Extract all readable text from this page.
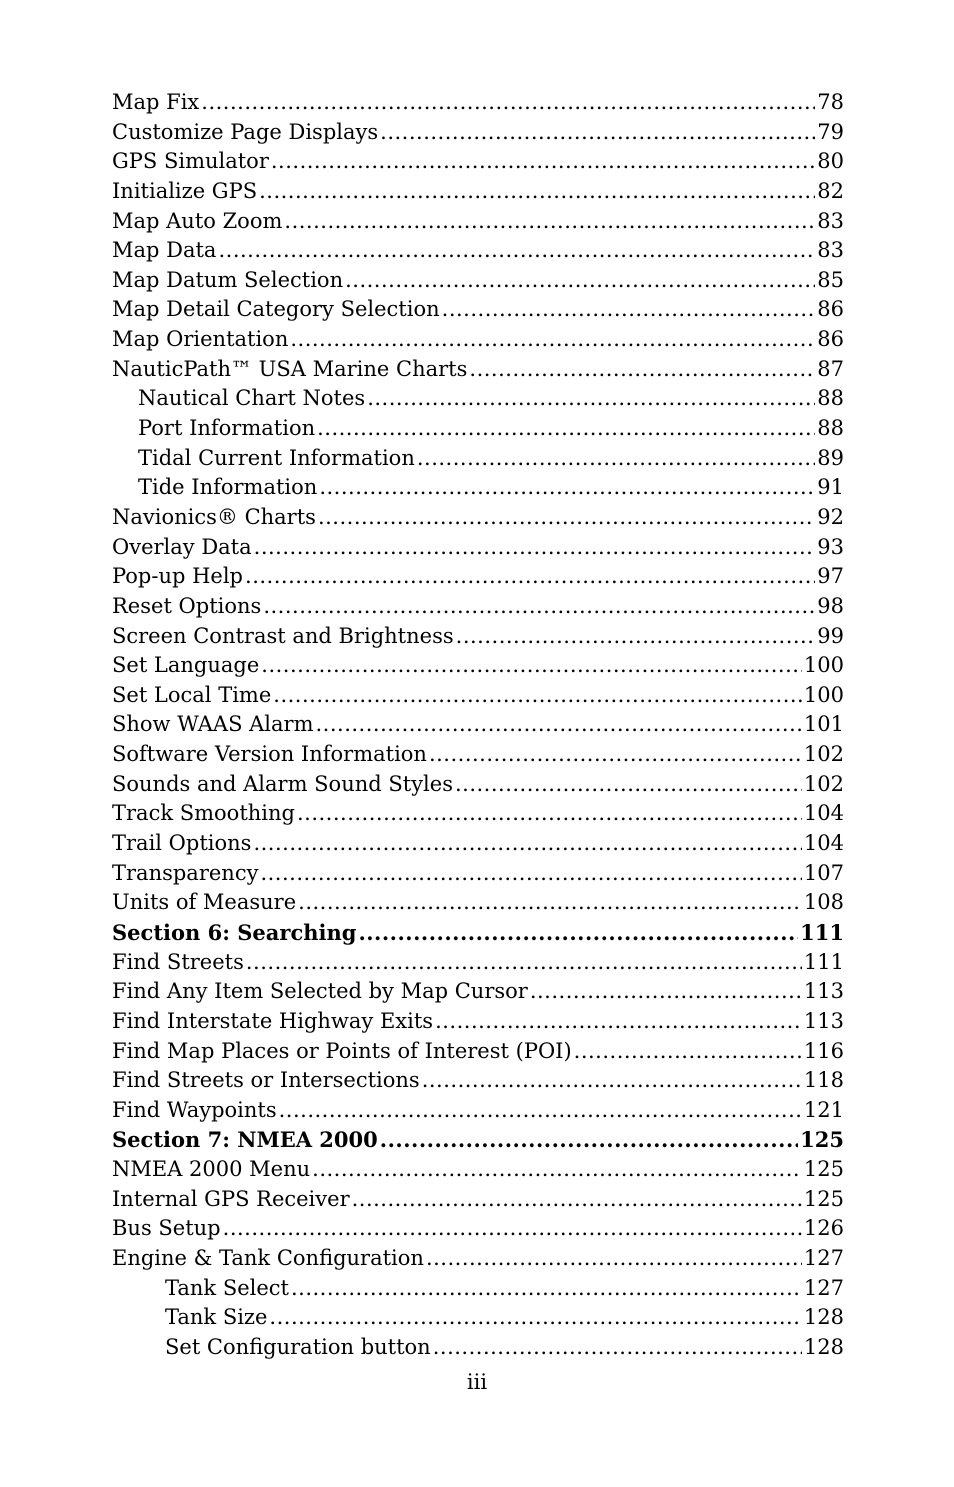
Map Fix .....	78
Customize Page Displays .....	79
GPS Simulator .....	80
Initialize GPS .....	82
Map Auto Zoom .....	83
Map Data .....	83
Map Datum Selection .....	85
Map Detail Category Selection .....	86
Map Orientation .....	86
NauticPath™ USA Marine Charts .....	87
Nautical Chart Notes .....	88
Port Information .....	88
Tidal Current Information .....	89
Tide Information .....	91
Navionics® Charts .....	92
Overlay Data .....	93
Pop-up Help .....	97
Reset Options .....	98
Screen Contrast and Brightness .....	99
Set Language .....	100
Set Local Time .....	100
Show WAAS Alarm .....	101
Software Version Information .....	102
Sounds and Alarm Sound Styles .....	102
Track Smoothing .....	104
Trail Options .....	104
Transparency .....	107
Units of Measure .....	108
Section 6: Searching .....	111
Find Streets .....	111
Find Any Item Selected by Map Cursor .....	113
Find Interstate Highway Exits .....	113
Find Map Places or Points of Interest (POI) .....	116
Find Streets or Intersections .....	118
Find Waypoints .....	121
Section 7: NMEA 2000 .....	125
NMEA 2000 Menu .....	125
Internal GPS Receiver .....	125
Bus Setup .....	126
Engine & Tank Configuration .....	127
Tank Select .....	127
Tank Size .....	128
Set Configuration button .....	128
iii
